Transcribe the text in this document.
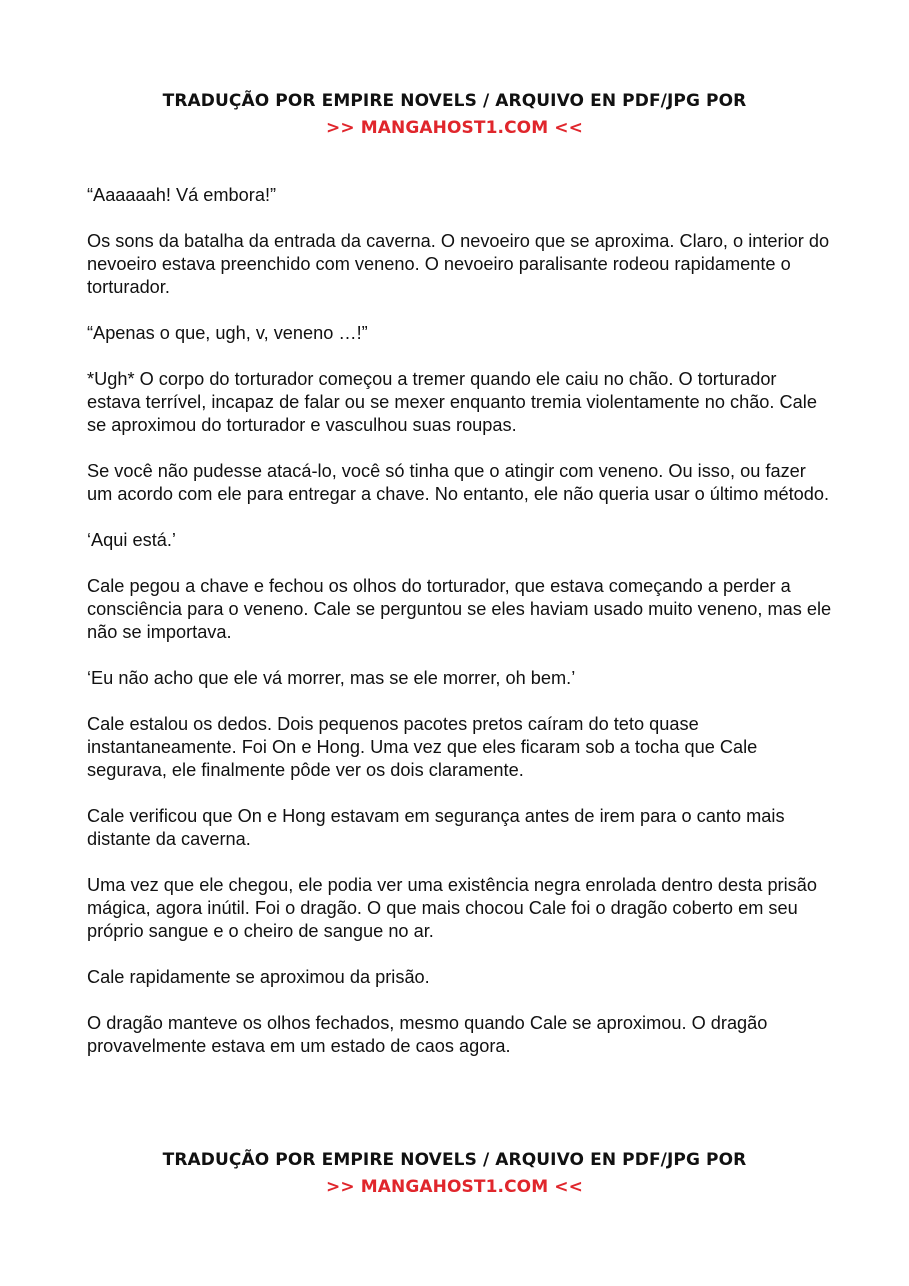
TRADUÇÃO POR EMPIRE NOVELS / ARQUIVO EN PDF/JPG POR
>> MANGAHOST1.COM <<

“Aaaaaah! Vá embora!”

Os sons da batalha da entrada da caverna. O nevoeiro que se aproxima. Claro, o interior do nevoeiro estava preenchido com veneno. O nevoeiro paralisante rodeou rapidamente o torturador.

“Apenas o que, ugh, v, veneno …!”

*Ugh* O corpo do torturador começou a tremer quando ele caiu no chão. O torturador estava terrível, incapaz de falar ou se mexer enquanto tremia violentamente no chão. Cale se aproximou do torturador e vasculhou suas roupas.

Se você não pudesse atacá-lo, você só tinha que o atingir com veneno. Ou isso, ou fazer um acordo com ele para entregar a chave. No entanto, ele não queria usar o último método.

‘Aqui está.’

Cale pegou a chave e fechou os olhos do torturador, que estava começando a perder a consciência para o veneno. Cale se perguntou se eles haviam usado muito veneno, mas ele não se importava.

‘Eu não acho que ele vá morrer, mas se ele morrer, oh bem.’

Cale estalou os dedos. Dois pequenos pacotes pretos caíram do teto quase instantaneamente. Foi On e Hong. Uma vez que eles ficaram sob a tocha que Cale segurava, ele finalmente pôde ver os dois claramente.

Cale verificou que On e Hong estavam em segurança antes de irem para o canto mais distante da caverna.

Uma vez que ele chegou, ele podia ver uma existência negra enrolada dentro desta prisão mágica, agora inútil. Foi o dragão. O que mais chocou Cale foi o dragão coberto em seu próprio sangue e o cheiro de sangue no ar.

Cale rapidamente se aproximou da prisão.

O dragão manteve os olhos fechados, mesmo quando Cale se aproximou. O dragão provavelmente estava em um estado de caos agora.

TRADUÇÃO POR EMPIRE NOVELS / ARQUIVO EN PDF/JPG POR
>> MANGAHOST1.COM <<
